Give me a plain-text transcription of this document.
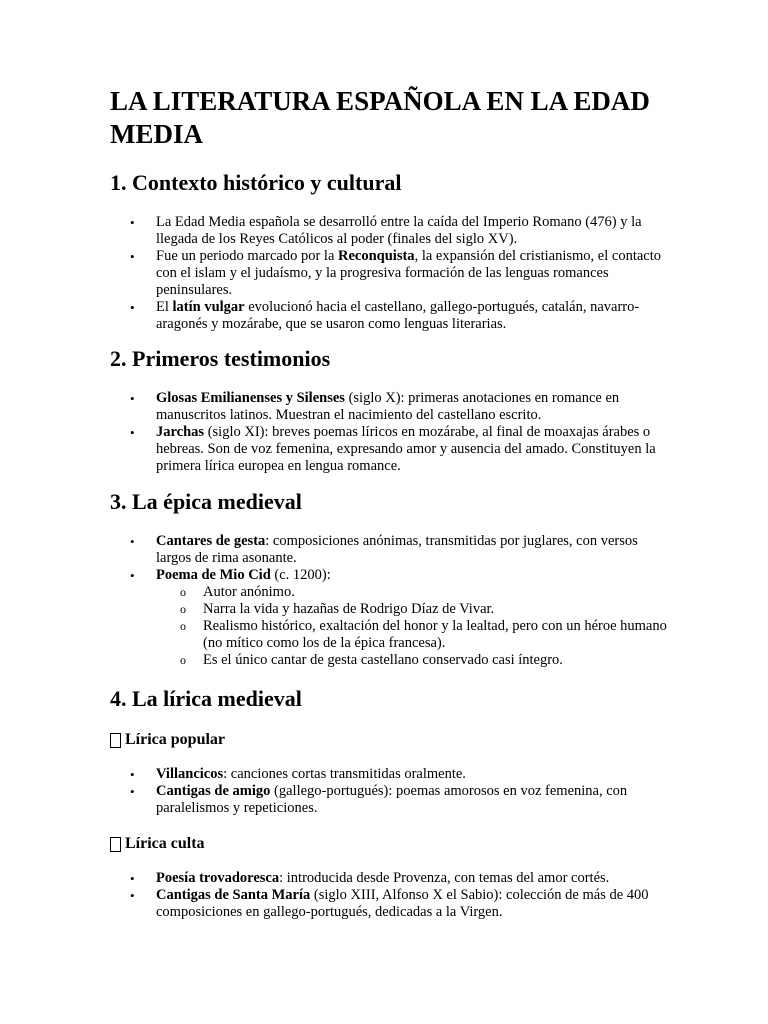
LA LITERATURA ESPAÑOLA EN LA EDAD MEDIA
1. Contexto histórico y cultural
• La Edad Media española se desarrolló entre la caída del Imperio Romano (476) y la llegada de los Reyes Católicos al poder (finales del siglo XV).
• Fue un periodo marcado por la Reconquista, la expansión del cristianismo, el contacto con el islam y el judaísmo, y la progresiva formación de las lenguas romances peninsulares.
• El latín vulgar evolucionó hacia el castellano, gallego-portugués, catalán, navarro-aragonés y mozárabe, que se usaron como lenguas literarias.
2. Primeros testimonios
• Glosas Emilianenses y Silenses (siglo X): primeras anotaciones en romance en manuscritos latinos. Muestran el nacimiento del castellano escrito.
• Jarchas (siglo XI): breves poemas líricos en mozárabe, al final de moaxajas árabes o hebreas. Son de voz femenina, expresando amor y ausencia del amado. Constituyen la primera lírica europea en lengua romance.
3. La épica medieval
• Cantares de gesta: composiciones anónimas, transmitidas por juglares, con versos largos de rima asonante.
• Poema de Mio Cid (c. 1200):
o Autor anónimo.
o Narra la vida y hazañas de Rodrigo Díaz de Vivar.
o Realismo histórico, exaltación del honor y la lealtad, pero con un héroe humano (no mítico como los de la épica francesa).
o Es el único cantar de gesta castellano conservado casi íntegro.
4. La lírica medieval
Lírica popular
• Villancicos: canciones cortas transmitidas oralmente.
• Cantigas de amigo (gallego-portugués): poemas amorosos en voz femenina, con paralelismos y repeticiones.
Lírica culta
• Poesía trovadoresca: introducida desde Provenza, con temas del amor cortés.
• Cantigas de Santa María (siglo XIII, Alfonso X el Sabio): colección de más de 400 composiciones en gallego-portugués, dedicadas a la Virgen.
